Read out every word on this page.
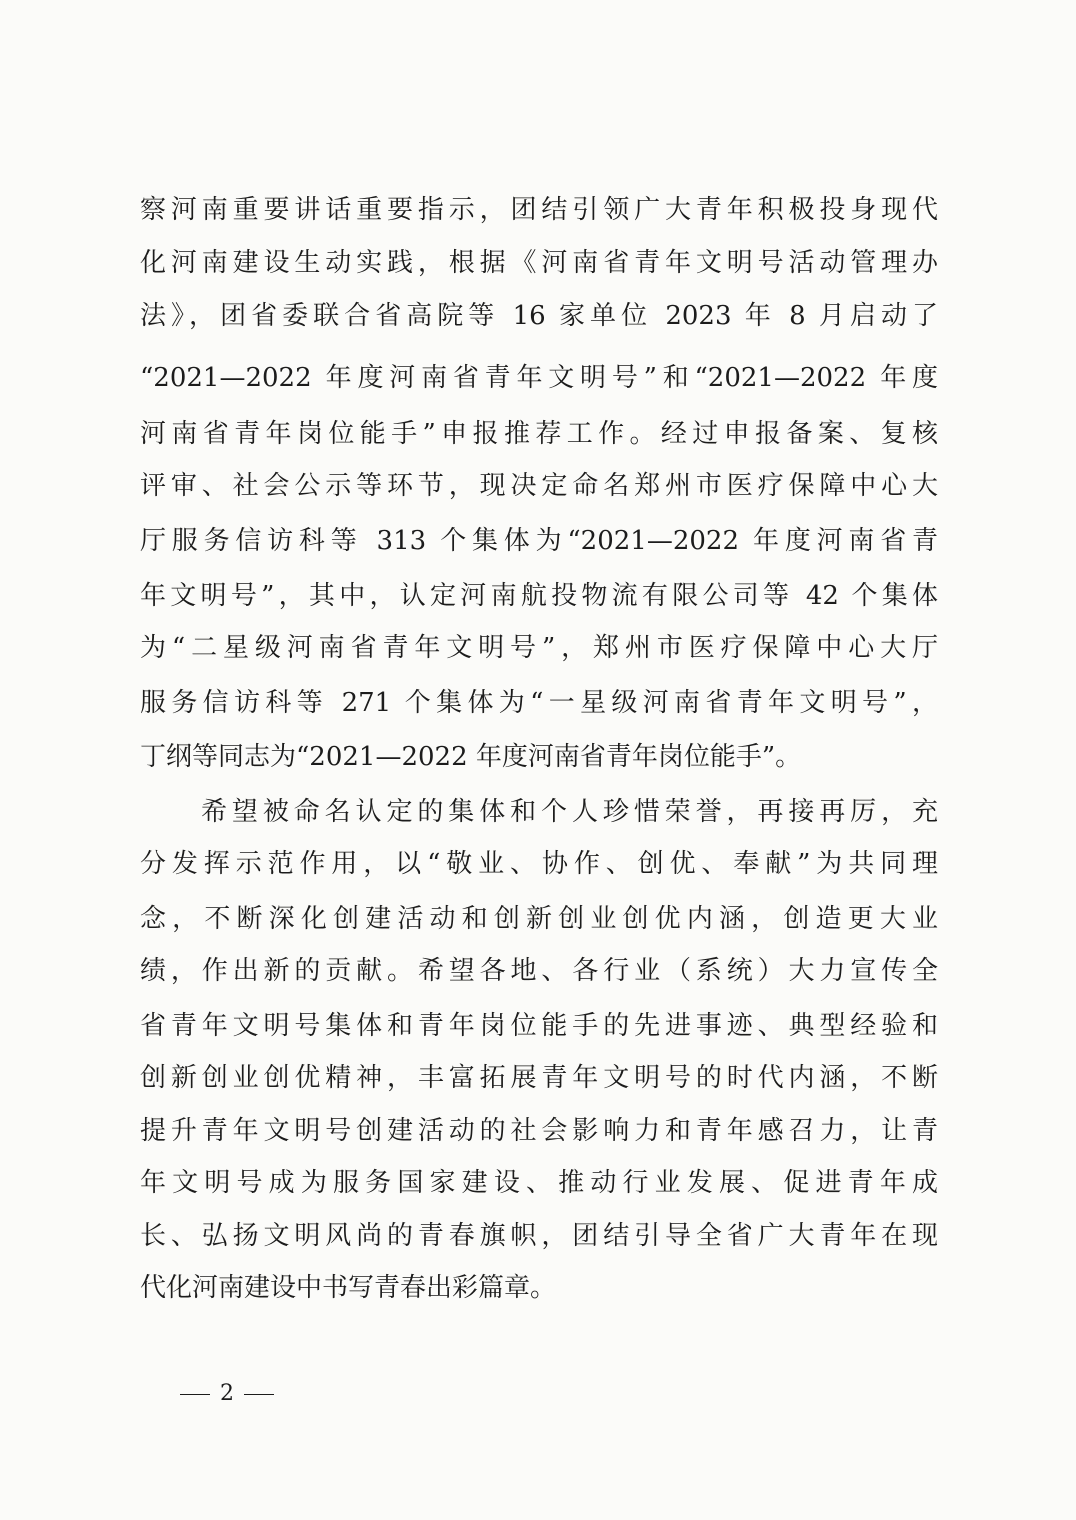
察河南重要讲话重要指示，团结引领广大青年积极投身现代
化河南建设生动实践，根据《河南省青年文明号活动管理办
法》，团省委联合省高院等 16 家单位 2023 年 8 月启动了
“2021—2022 年度河南省青年文明号”和“2021—2022 年度
河南省青年岗位能手”申报推荐工作。经过申报备案、复核
评审、社会公示等环节，现决定命名郑州市医疗保障中心大
厅服务信访科等 313 个集体为“2021—2022 年度河南省青
年文明号”，其中，认定河南航投物流有限公司等 42 个集体
为“二星级河南省青年文明号”，郑州市医疗保障中心大厅
服务信访科等 271 个集体为“一星级河南省青年文明号”，
丁纲等同志为“2021—2022 年度河南省青年岗位能手”。
希望被命名认定的集体和个人珍惜荣誉，再接再厉，充
分发挥示范作用，以“敬业、协作、创优、奉献”为共同理
念，不断深化创建活动和创新创业创优内涵，创造更大业
绩，作出新的贡献。希望各地、各行业（系统）大力宣传全
省青年文明号集体和青年岗位能手的先进事迹、典型经验和
创新创业创优精神，丰富拓展青年文明号的时代内涵，不断
提升青年文明号创建活动的社会影响力和青年感召力，让青
年文明号成为服务国家建设、推动行业发展、促进青年成
长、弘扬文明风尚的青春旗帜，团结引导全省广大青年在现
代化河南建设中书写青春出彩篇章。
2
